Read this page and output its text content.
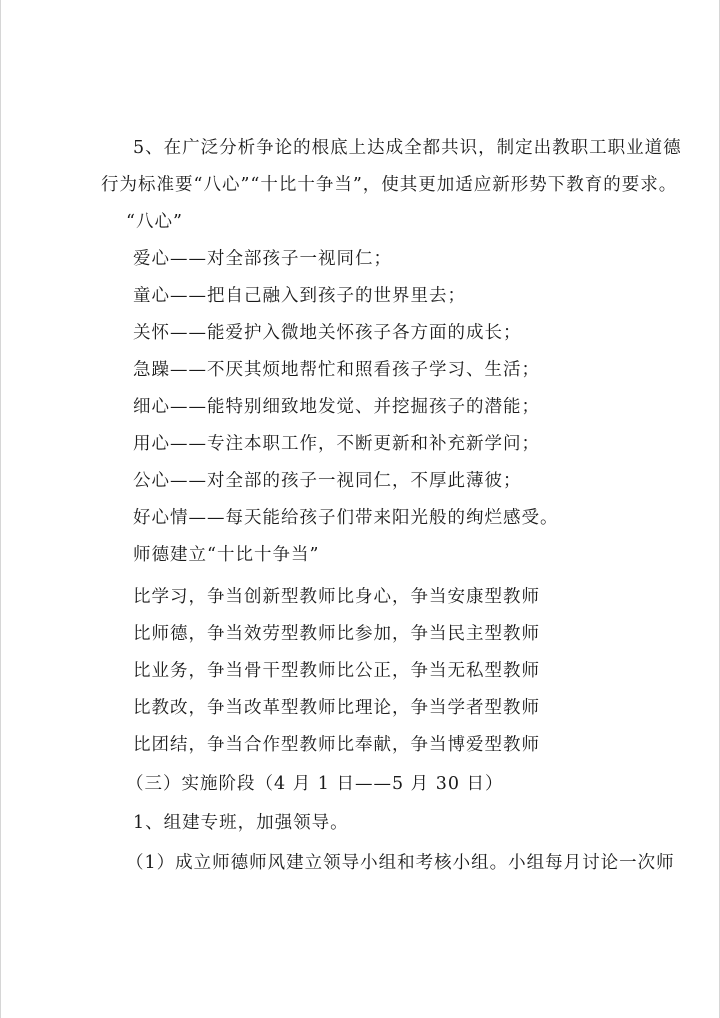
5、在广泛分析争论的根底上达成全都共识，制定出教职工职业道德
行为标准要“八心”“十比十争当”，使其更加适应新形势下教育的要求。
“八心”
爱心——对全部孩子一视同仁；
童心——把自己融入到孩子的世界里去；
关怀——能爱护入微地关怀孩子各方面的成长；
急躁——不厌其烦地帮忙和照看孩子学习、生活；
细心——能特别细致地发觉、并挖掘孩子的潜能；
用心——专注本职工作，不断更新和补充新学问；
公心——对全部的孩子一视同仁，不厚此薄彼；
好心情——每天能给孩子们带来阳光般的绚烂感受。
师德建立“十比十争当”
比学习，争当创新型教师比身心，争当安康型教师
比师德，争当效劳型教师比参加，争当民主型教师
比业务，争当骨干型教师比公正，争当无私型教师
比教改，争当改革型教师比理论，争当学者型教师
比团结，争当合作型教师比奉献，争当博爱型教师
（三）实施阶段（4 月 1 日——5 月 30 日）
1、组建专班，加强领导。
（1）成立师德师风建立领导小组和考核小组。小组每月讨论一次师
